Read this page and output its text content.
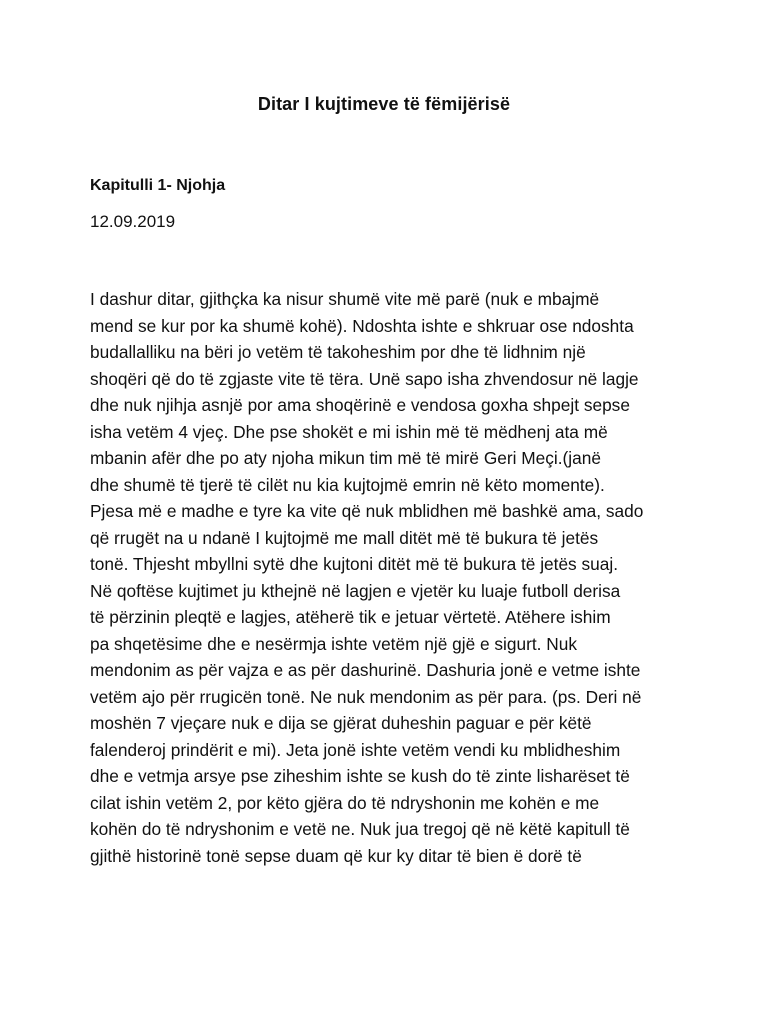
Ditar I kujtimeve të fëmijërisë
Kapitulli 1- Njohja
12.09.2019
I dashur ditar, gjithçka ka nisur shumë vite më parë (nuk e mbajmë
mend se kur por ka shumë kohë). Ndoshta ishte e shkruar ose ndoshta
budallalliku na bëri jo vetëm të takoheshim por dhe të lidhnim një
shoqëri që do të zgjaste vite të tëra. Unë sapo isha zhvendosur në lagje
dhe nuk njihja asnjë por ama shoqërinë e vendosa goxha shpejt sepse
isha vetëm 4 vjeç. Dhe pse shokët e mi ishin më të mëdhenj ata më
mbanin afër dhe po aty njoha mikun tim më të mirë Geri Meçi.(janë
dhe shumë të tjerë të cilët nu kia kujtojmë emrin në këto momente).
Pjesa më e madhe e tyre ka vite që nuk mblidhen më bashkë ama, sado
që rrugët na u ndanë I kujtojmë me mall ditët më të bukura të jetës
tonë. Thjesht mbyllni sytë dhe kujtoni ditët më të bukura të jetës suaj.
Në qoftëse kujtimet ju kthejnë në lagjen e vjetër ku luaje futboll derisa
të përzinin pleqtë e lagjes, atëherë tik e jetuar vërtetë. Atëhere ishim
pa shqetësime dhe e nesërmja ishte vetëm një gjë e sigurt. Nuk
mendonim as për vajza e as për dashurinë. Dashuria jonë e vetme ishte
vetëm ajo për rrugicën tonë. Ne nuk mendonim as për para. (ps. Deri në
moshën 7 vjeçare nuk e dija se gjërat duheshin paguar e për këtë
falenderoj prindërit e mi). Jeta jonë ishte vetëm vendi ku mblidheshim
dhe e vetmja arsye pse ziheshim ishte se kush do të zinte lisharëset të
cilat ishin vetëm 2, por këto gjëra do të ndryshonin me kohën e me
kohën do të ndryshonim e vetë ne. Nuk jua tregoj që në këtë kapitull të
gjithë historinë tonë sepse duam që kur ky ditar të bien ë dorë të
